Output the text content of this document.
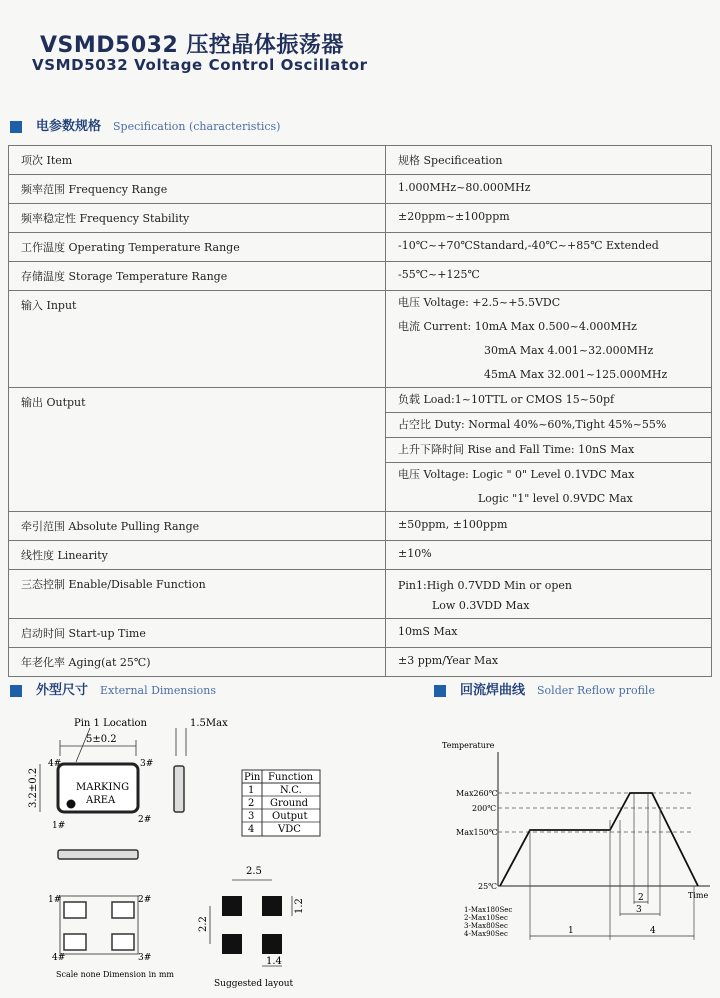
VSMD5032 压控晶体振荡器
VSMD5032 Voltage Control Oscillator
电参数规格 Specification (characteristics)
项次 Item	规格 Specificeation
频率范围 Frequency Range	1.000MHz~80.000MHz
频率稳定性 Frequency Stability	±20ppm~±100ppm
工作温度 Operating Temperature Range	-10℃~+70℃Standard,-40℃~+85℃ Extended
存储温度 Storage Temperature Range	-55℃~+125℃
输入 Input	电压 Voltage: +2.5~+5.5VDC
电流 Current: 10mA Max 0.500~4.000MHz
30mA Max 4.001~32.000MHz
45mA Max 32.001~125.000MHz

输出 Output	负载 Load:1~10TTL or CMOS 15~50pf
占空比 Duty: Normal 40%~60%,Tight 45%~55%
上升下降时间 Rise and Fall Time: 10nS Max
电压 Voltage: Logic " 0" Level 0.1VDC Max
Logic "1" level 0.9VDC Max

牵引范围 Absolute Pulling Range	±50ppm, ±100ppm
线性度 Linearity	±10%
三态控制 Enable/Disable Function	Pin1:High 0.7VDD Min or open
Low 0.3VDD Max

启动时间 Start-up Time	10mS Max
年老化率 Aging(at 25℃)	±3 ppm/Year Max
外型尺寸 External Dimensions	回流焊曲线 Solder Reflow profile
Pin 1 Location
5±0.2
MARKING
AREA
4#	3#
1#
2#
3.2±0.2
1.5Max
1#	2#
4#	3#
Scale none Dimension in mm
Pin Function
1	N.C.
2 Ground
3 Output
4 VDC
2.5
2.2
1.2
1.4
Suggested layout
Temperature
Time
Max260℃
200℃
Max150℃
25℃
2
3
1	4
1-Max180Sec
2-Max10Sec
3-Max80Sec
4-Max90Sec
